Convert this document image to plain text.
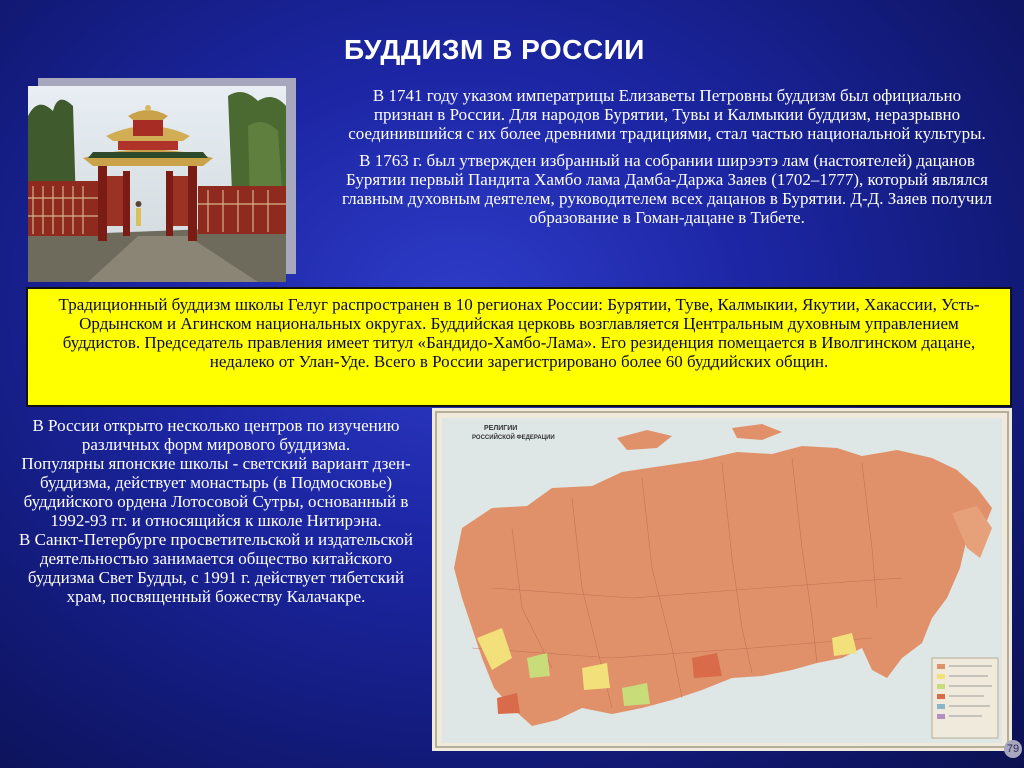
БУДДИЗМ В РОССИИ

В 1741 году указом императрицы Елизаветы Петровны буддизм был официально признан в России. Для народов Бурятии, Тувы и Калмыкии буддизм, неразрывно соединившийся с их более древними традициями, стал частью национальной культуры.

В 1763 г. был утвержден избранный на собрании ширээтэ лам (настоятелей) дацанов Бурятии первый Пандита Хамбо лама Дамба-Даржа Заяев (1702–1777), который являлся главным духовным деятелем, руководителем всех дацанов в Бурятии. Д-Д. Заяев получил образование в Гоман-дацане в Тибете.

Традиционный буддизм школы Гелуг распространен в 10 регионах России: Бурятии, Туве, Калмыкии, Якутии, Хакассии, Усть-Ордынском и Агинском национальных округах. Буддийская церковь возглавляется Центральным духовным управлением буддистов. Председатель правления имеет титул «Бандидо-Хамбо-Лама». Его резиденция помещается в Иволгинском дацане, недалеко от Улан-Уде. Всего в России зарегистрировано более 60 буддийских общин.

В России открыто несколько центров по изучению различных форм мирового буддизма.

Популярны японские школы - светский вариант дзен-буддизма, действует монастырь (в Подмосковье) буддийского ордена Лотосовой Сутры, основанный в 1992-93 гг. и относящийся к школе Нитирэна.

В Санкт-Петербурге просветительской и издательской деятельностью занимается общество китайского буддизма Свет Будды, с 1991 г. действует тибетский храм, посвященный божеству Калачакре.

РЕЛИГИИ
РОССИЙСКОЙ ФЕДЕРАЦИИ
79
